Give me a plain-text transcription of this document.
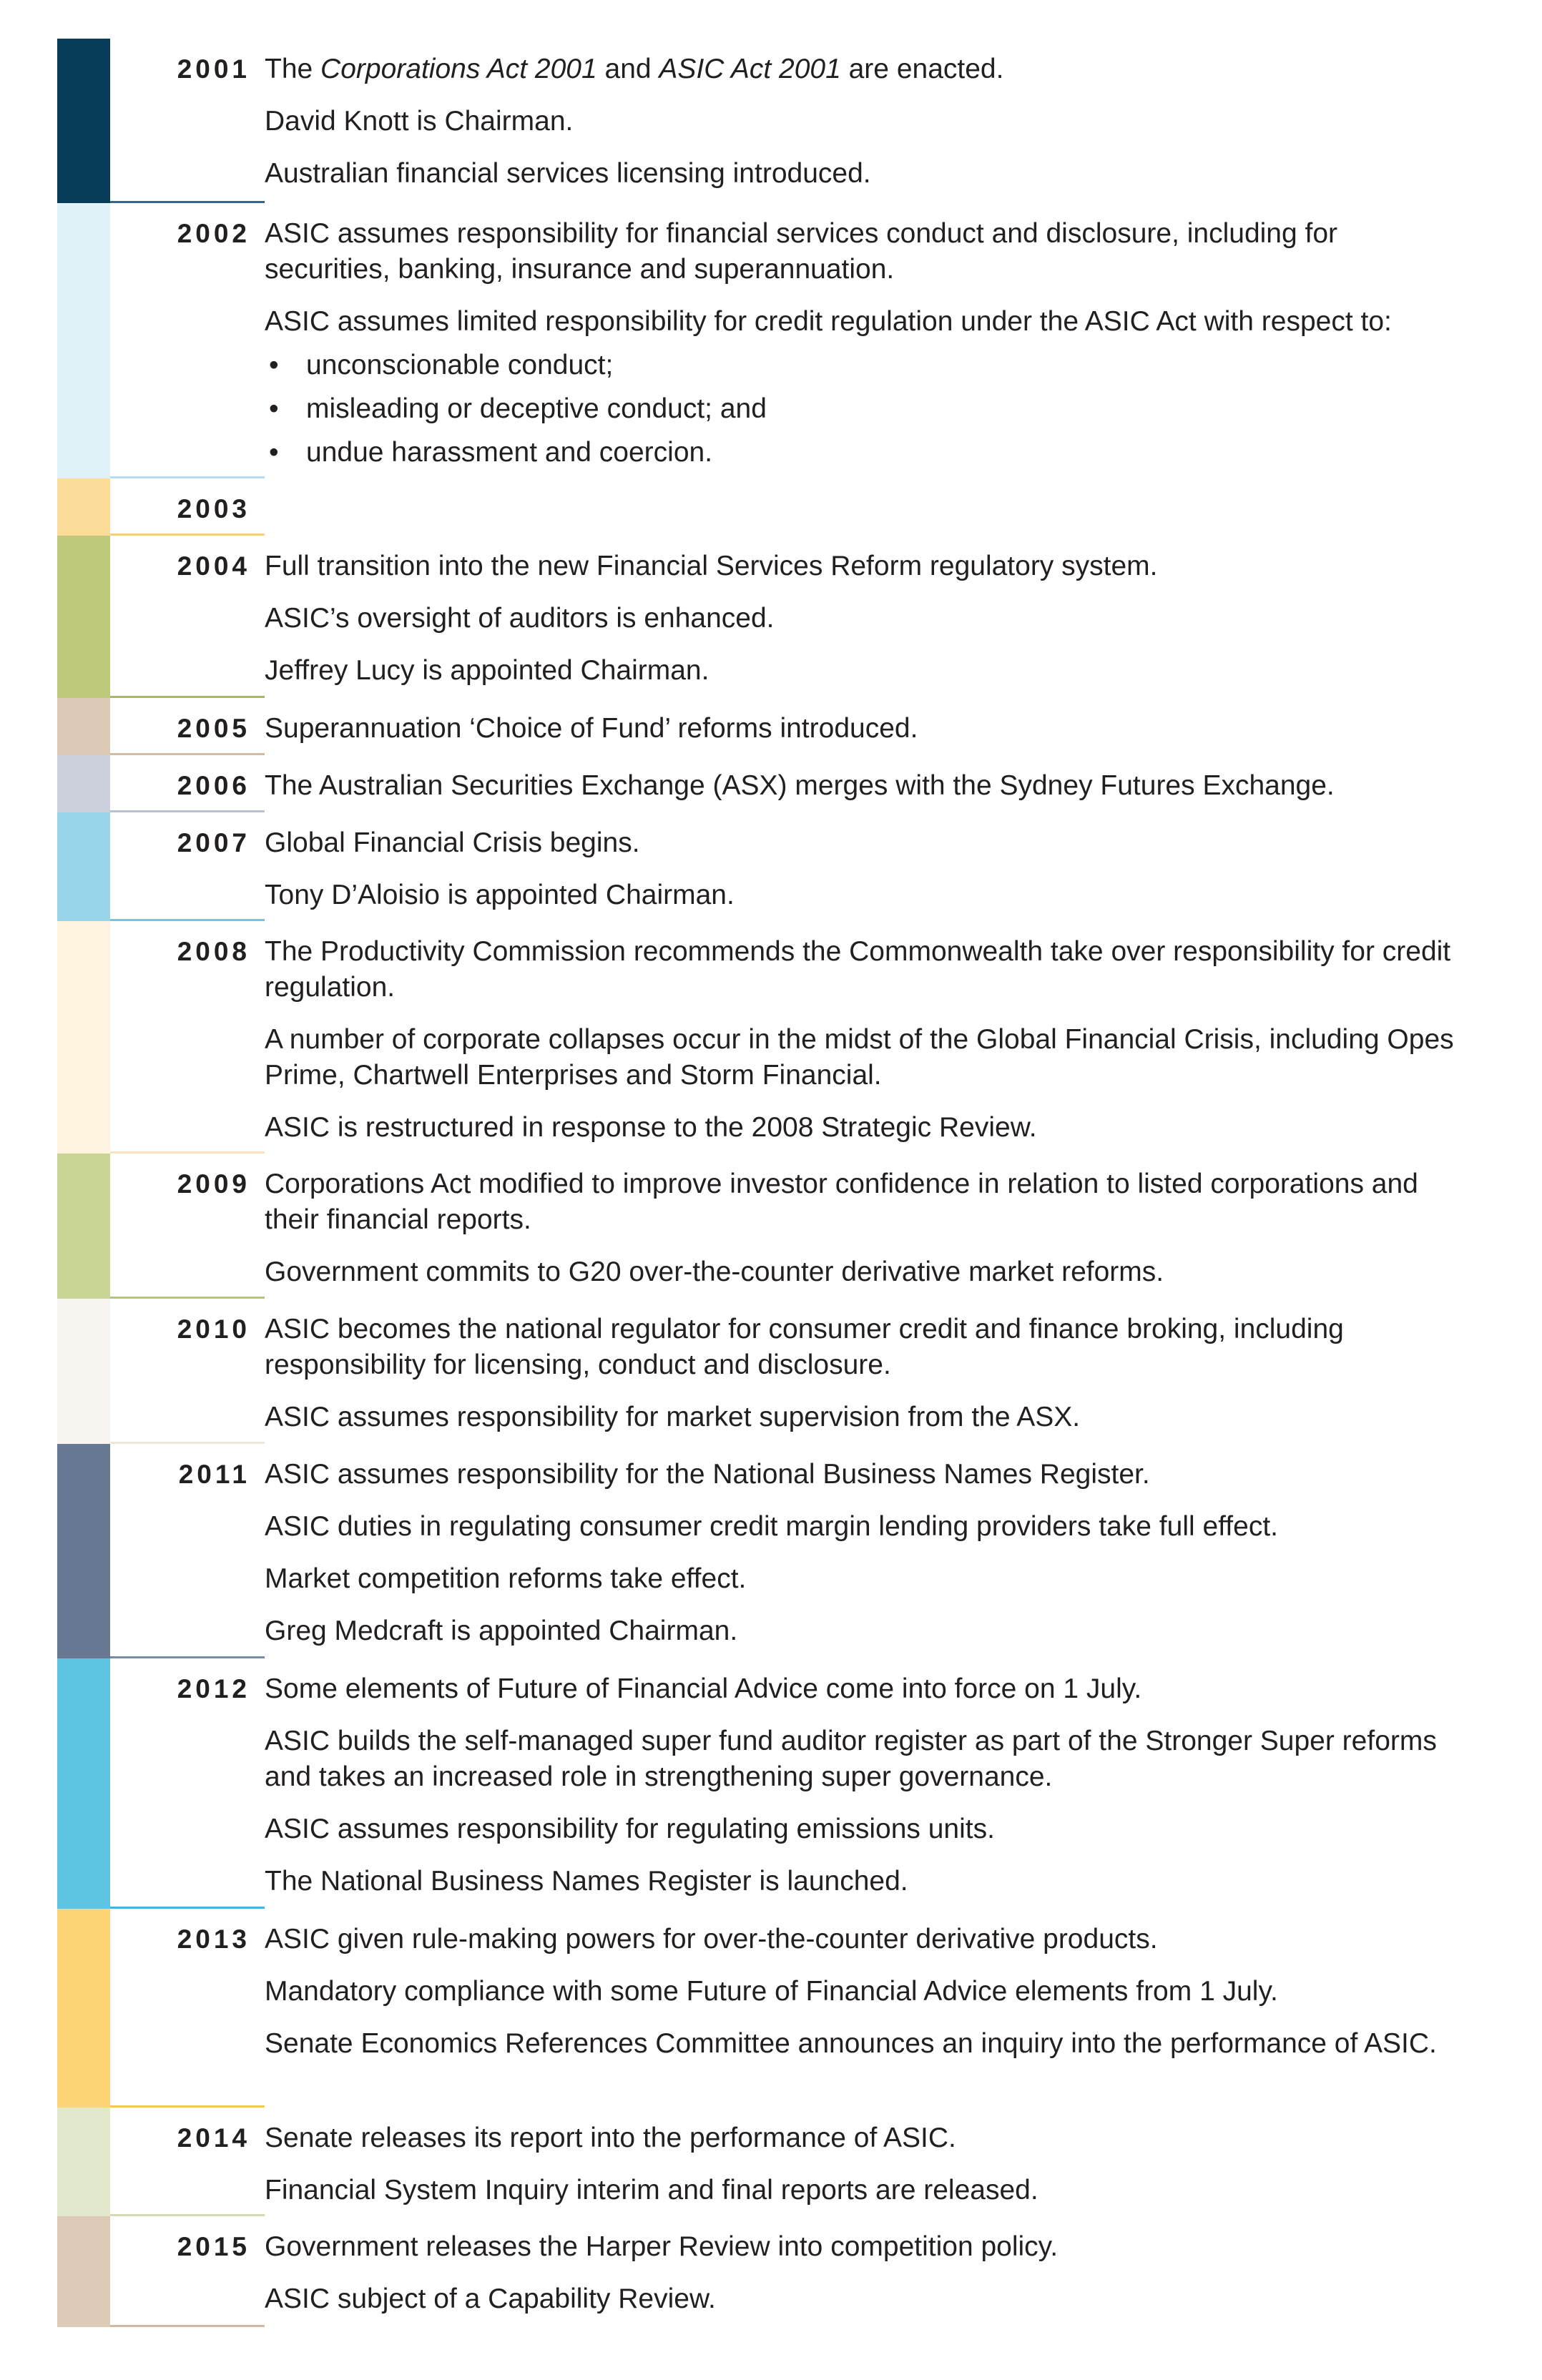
2001 The Corporations Act 2001 and ASIC Act 2001 are enacted.

David Knott is Chairman.

Australian financial services licensing introduced.

2002 ASIC assumes responsibility for financial services conduct and disclosure, including for securities, banking, insurance and superannuation.

ASIC assumes limited responsibility for credit regulation under the ASIC Act with respect to:

• unconscionable conduct;
• misleading or deceptive conduct; and
• undue harassment and coercion.
2003
2004 Full transition into the new Financial Services Reform regulatory system.

ASIC’s oversight of auditors is enhanced.

Jeffrey Lucy is appointed Chairman.

2005 Superannuation ‘Choice of Fund’ reforms introduced.

2006 The Australian Securities Exchange (ASX) merges with the Sydney Futures Exchange.

2007 Global Financial Crisis begins.

Tony D’Aloisio is appointed Chairman.

2008 The Productivity Commission recommends the Commonwealth take over responsibility for credit regulation.

A number of corporate collapses occur in the midst of the Global Financial Crisis, including Opes Prime, Chartwell Enterprises and Storm Financial.

ASIC is restructured in response to the 2008 Strategic Review.

2009 Corporations Act modified to improve investor confidence in relation to listed corporations and their financial reports.

Government commits to G20 over-the-counter derivative market reforms.

2010 ASIC becomes the national regulator for consumer credit and finance broking, including responsibility for licensing, conduct and disclosure.

ASIC assumes responsibility for market supervision from the ASX.

2011 ASIC assumes responsibility for the National Business Names Register.

ASIC duties in regulating consumer credit margin lending providers take full effect.

Market competition reforms take effect.

Greg Medcraft is appointed Chairman.

2012 Some elements of Future of Financial Advice come into force on 1 July.

ASIC builds the self-managed super fund auditor register as part of the Stronger Super reforms and takes an increased role in strengthening super governance.

ASIC assumes responsibility for regulating emissions units.

The National Business Names Register is launched.

2013 ASIC given rule-making powers for over-the-counter derivative products.

Mandatory compliance with some Future of Financial Advice elements from 1 July.

Senate Economics References Committee announces an inquiry into the performance of ASIC.

2014 Senate releases its report into the performance of ASIC.

Financial System Inquiry interim and final reports are released.

2015 Government releases the Harper Review into competition policy.

ASIC subject of a Capability Review.
